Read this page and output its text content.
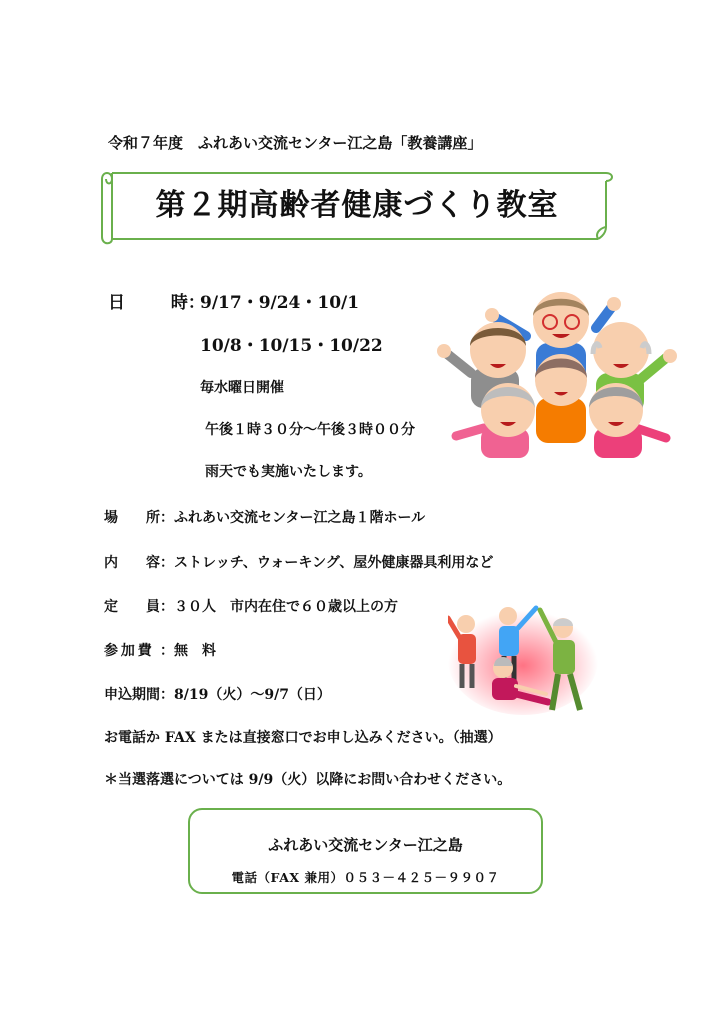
令和７年度　ふれあい交流センター江之島「教養講座」
第２期高齢者健康づくり教室
日	時：
9/17・9/24・10/1
10/8・10/15・10/22
毎水曜日開催
午後１時３０分～午後３時００分
雨天でも実施いたします。
場 所：ふれあい交流センター江之島１階ホール
内 容：ストレッチ、ウォーキング、屋外健康器具利用など
定 員：３０人　市内在住で６０歳以上の方
参 加 費 ：無　料
申込期間：8/19（火）～9/7（日）
お電話か FAX または直接窓口でお申し込みください。（抽選）
＊当選落選については 9/9（火）以降にお問い合わせください。
ふれあい交流センター江之島
電話（FAX 兼用）０５３－４２５－９９０７
